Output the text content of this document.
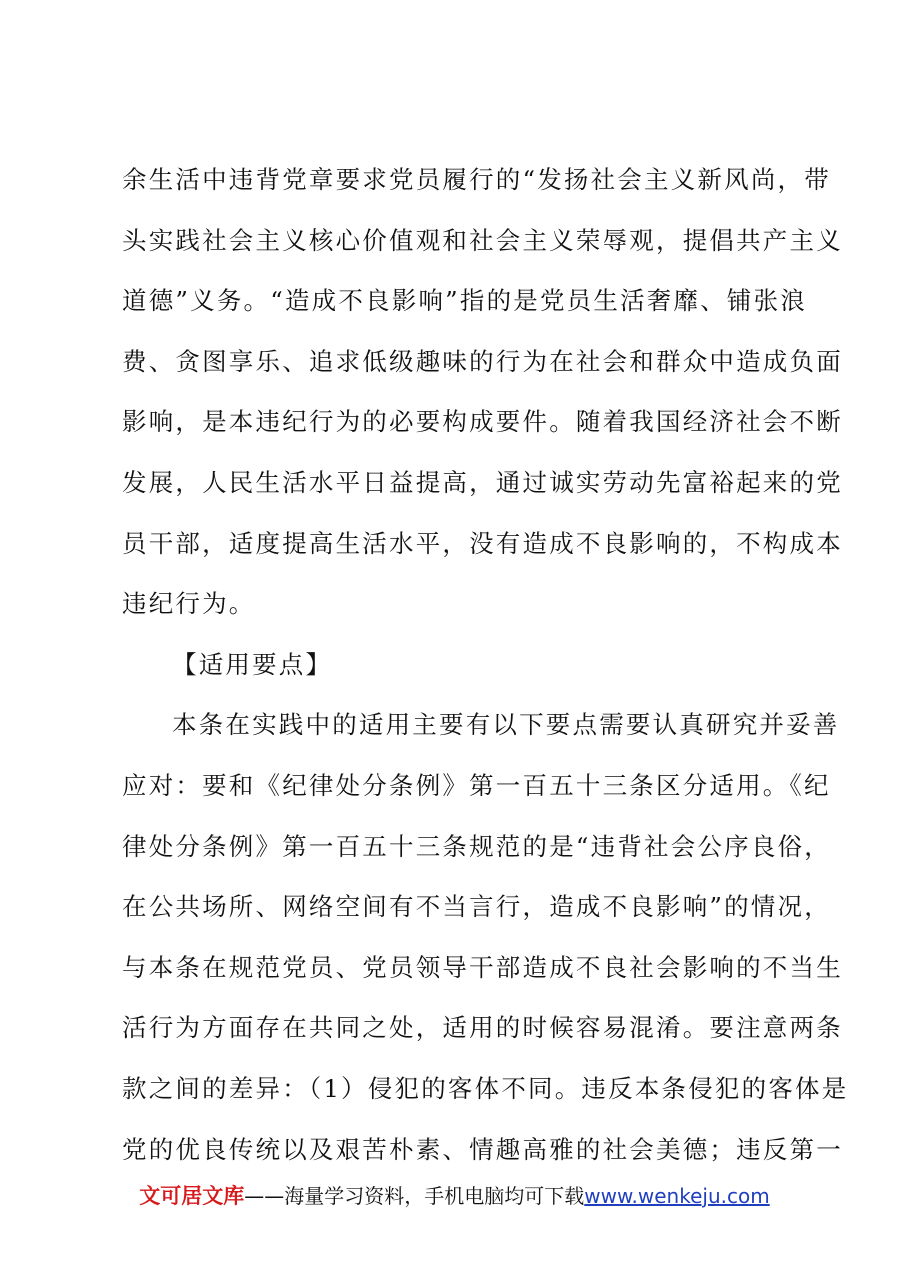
余生活中违背党章要求党员履行的“发扬社会主义新风尚，带
头实践社会主义核心价值观和社会主义荣辱观，提倡共产主义
道德”义务。“造成不良影响”指的是党员生活奢靡、铺张浪
费、贪图享乐、追求低级趣味的行为在社会和群众中造成负面
影响，是本违纪行为的必要构成要件。随着我国经济社会不断
发展，人民生活水平日益提高，通过诚实劳动先富裕起来的党
员干部，适度提高生活水平，没有造成不良影响的，不构成本
违纪行为。
【适用要点】
本条在实践中的适用主要有以下要点需要认真研究并妥善
应对：要和《纪律处分条例》第一百五十三条区分适用。《纪
律处分条例》第一百五十三条规范的是“违背社会公序良俗，
在公共场所、网络空间有不当言行，造成不良影响”的情况，
与本条在规范党员、党员领导干部造成不良社会影响的不当生
活行为方面存在共同之处，适用的时候容易混淆。要注意两条
款之间的差异：（1）侵犯的客体不同。违反本条侵犯的客体是
党的优良传统以及艰苦朴素、情趣高雅的社会美德；违反第一
文可居文库——海量学习资料，手机电脑均可下载www.wenkeju.com
